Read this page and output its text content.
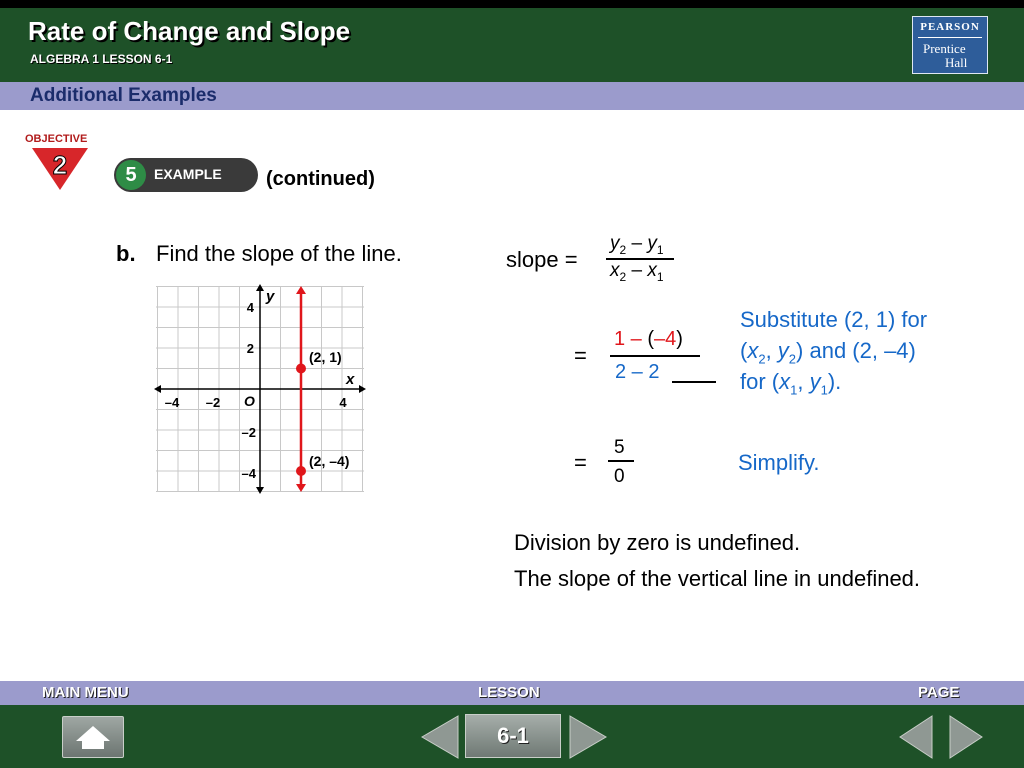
Rate of Change and Slope
ALGEBRA 1 LESSON 6-1
PEARSON
Prentice
Hall
Additional Examples
OBJECTIVE
2	5	EXAMPLE (continued)
b. Find the slope of the line.
x
y
O
–4 –2	4
4
2
–2
–4
(2, 1)
(2, –4)
slope =
$y_2 - y_1$
$x_2 - x_1$
=
1 – (–4)
2 – 2
Substitute (2, 1) for
($x_2$, $y_2$) and (2, –4)
for ($x_1$, $y_1$).
=
5
0
Simplify.
Division by zero is undefined.
The slope of the vertical line in undefined.
MAIN MENU	LESSON	PAGE
6-1
